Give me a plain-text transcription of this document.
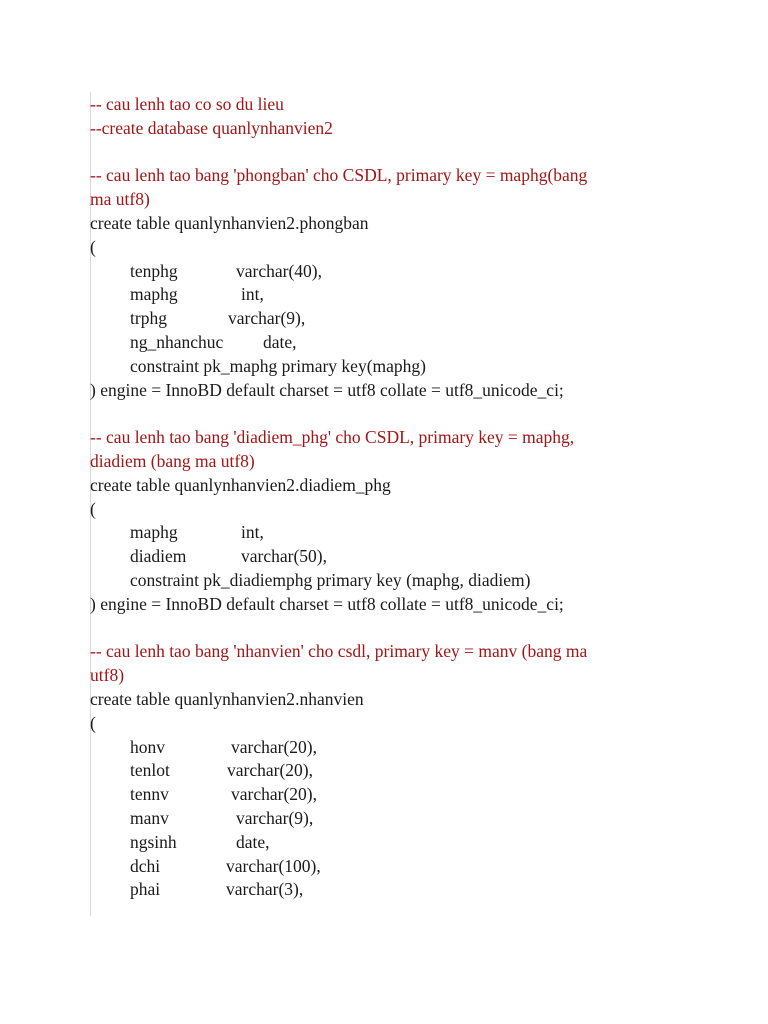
-- cau lenh tao co so du lieu
--create database quanlynhanvien2
-- cau lenh tao bang 'phongban' cho CSDL, primary key = maphg(bang
ma utf8)
create table quanlynhanvien2.phongban
(
tenphg	varchar(40),
maphg	int,
trphg	varchar(9),
ng_nhanchuc date,
constraint pk_maphg primary key(maphg)
) engine = InnoBD default charset = utf8 collate = utf8_unicode_ci;
-- cau lenh tao bang 'diadiem_phg' cho CSDL, primary key = maphg,
diadiem (bang ma utf8)
create table quanlynhanvien2.diadiem_phg
(
maphg	int,
diadiem	varchar(50),
constraint pk_diadiemphg primary key (maphg, diadiem)
) engine = InnoBD default charset = utf8 collate = utf8_unicode_ci;
-- cau lenh tao bang 'nhanvien' cho csdl, primary key = manv (bang ma
utf8)
create table quanlynhanvien2.nhanvien
(
honv	varchar(20),
tenlot	varchar(20),
tennv	varchar(20),
manv	varchar(9),
ngsinh	date,
dchi	varchar(100),
phai	varchar(3),
